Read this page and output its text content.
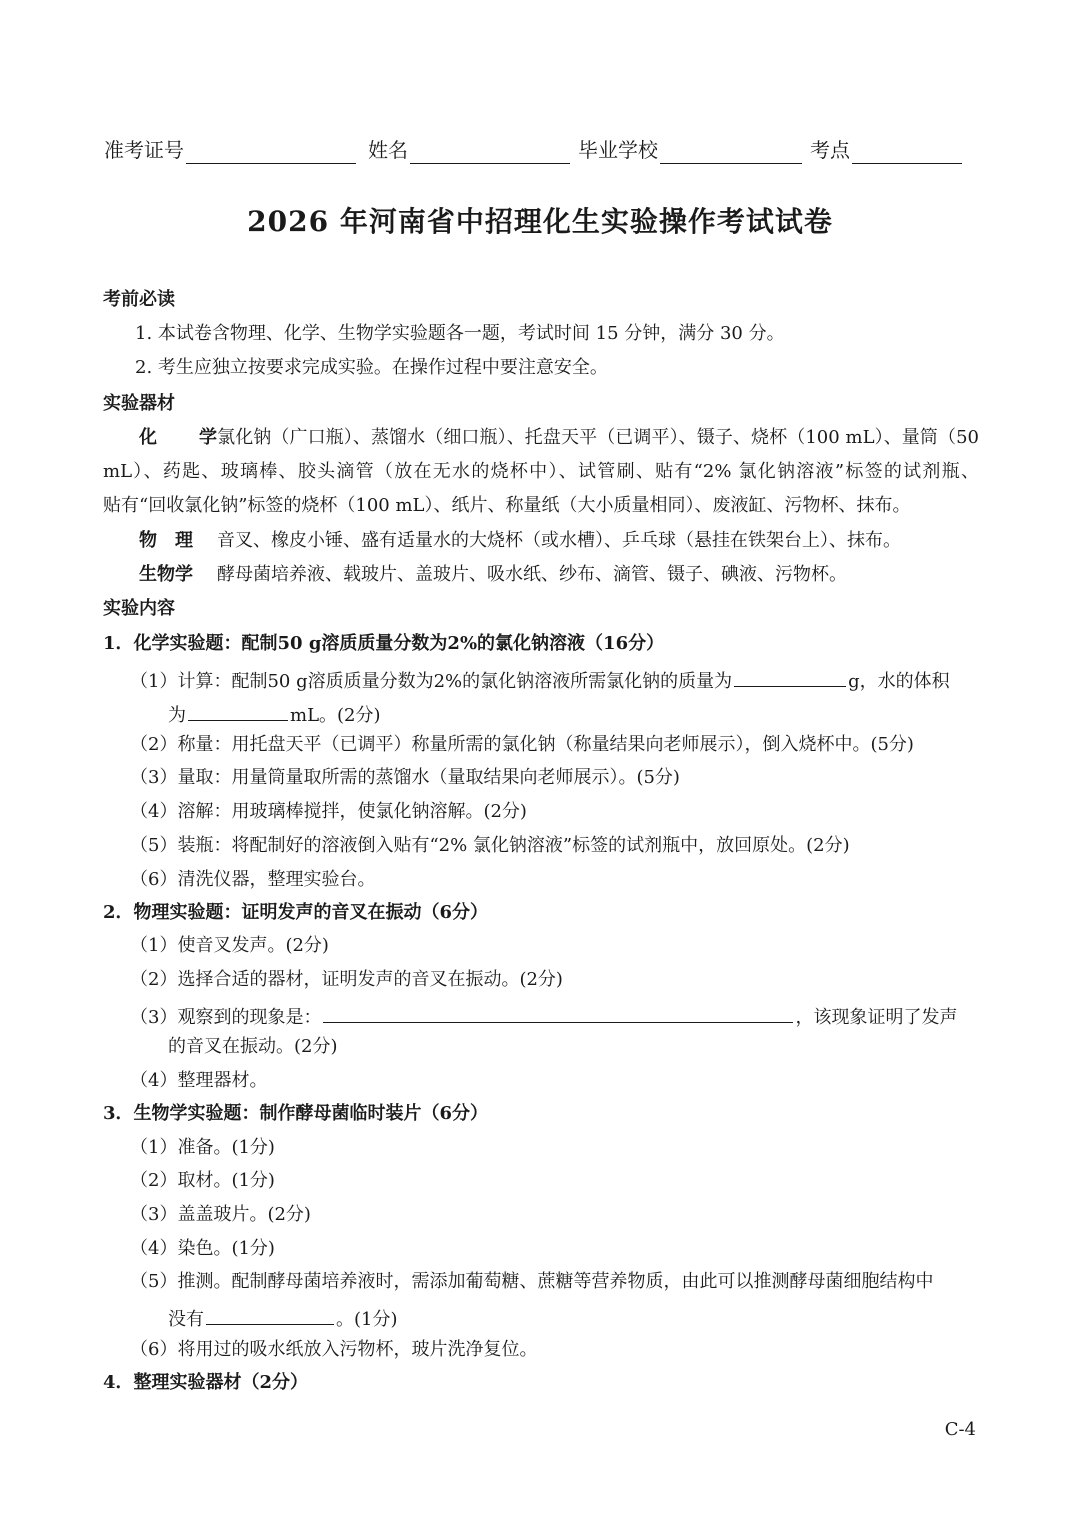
准考证号	姓名	毕业学校	考点
2026 年河南省中招理化生实验操作考试试卷
考前必读
1. 本试卷含物理、化学、生物学实验题各一题，考试时间 15 分钟，满分 30 分。
2. 考生应独立按要求完成实验。在操作过程中要注意安全。
实验器材
化　学氯化钠（广口瓶）、蒸馏水（细口瓶）、托盘天平（已调平）、镊子、烧杯（100 mL）、量筒（50
mL）、药匙、玻璃棒、胶头滴管（放在无水的烧杯中）、试管刷、贴有“2% 氯化钠溶液”标签的试剂瓶、
贴有“回收氯化钠”标签的烧杯（100 mL）、纸片、称量纸（大小质量相同）、废液缸、污物杯、抹布。
物　理 音叉、橡皮小锤、盛有适量水的大烧杯（或水槽）、乒乓球（悬挂在铁架台上）、抹布。
生物学 酵母菌培养液、载玻片、盖玻片、吸水纸、纱布、滴管、镊子、碘液、污物杯。
实验内容
1．化学实验题：配制50 g溶质质量分数为2%的氯化钠溶液（16分）
（1）计算：配制50 g溶质质量分数为2%的氯化钠溶液所需氯化钠的质量为	g，水的体积
为	mL。(2分)
（2）称量：用托盘天平（已调平）称量所需的氯化钠（称量结果向老师展示），倒入烧杯中。(5分)
（3）量取：用量筒量取所需的蒸馏水（量取结果向老师展示）。(5分)
（4）溶解：用玻璃棒搅拌，使氯化钠溶解。(2分)
（5）装瓶：将配制好的溶液倒入贴有“2% 氯化钠溶液”标签的试剂瓶中，放回原处。(2分)
（6）清洗仪器，整理实验台。
2．物理实验题：证明发声的音叉在振动（6分）
（1）使音叉发声。(2分)
（2）选择合适的器材，证明发声的音叉在振动。(2分)
（3）观察到的现象是：	，该现象证明了发声
的音叉在振动。(2分)
（4）整理器材。
3．生物学实验题：制作酵母菌临时装片（6分）
（1）准备。(1分)
（2）取材。(1分)
（3）盖盖玻片。(2分)
（4）染色。(1分)
（5）推测。配制酵母菌培养液时，需添加葡萄糖、蔗糖等营养物质，由此可以推测酵母菌细胞结构中
没有	。(1分)
（6）将用过的吸水纸放入污物杯，玻片洗净复位。
4．整理实验器材（2分）
C-4
